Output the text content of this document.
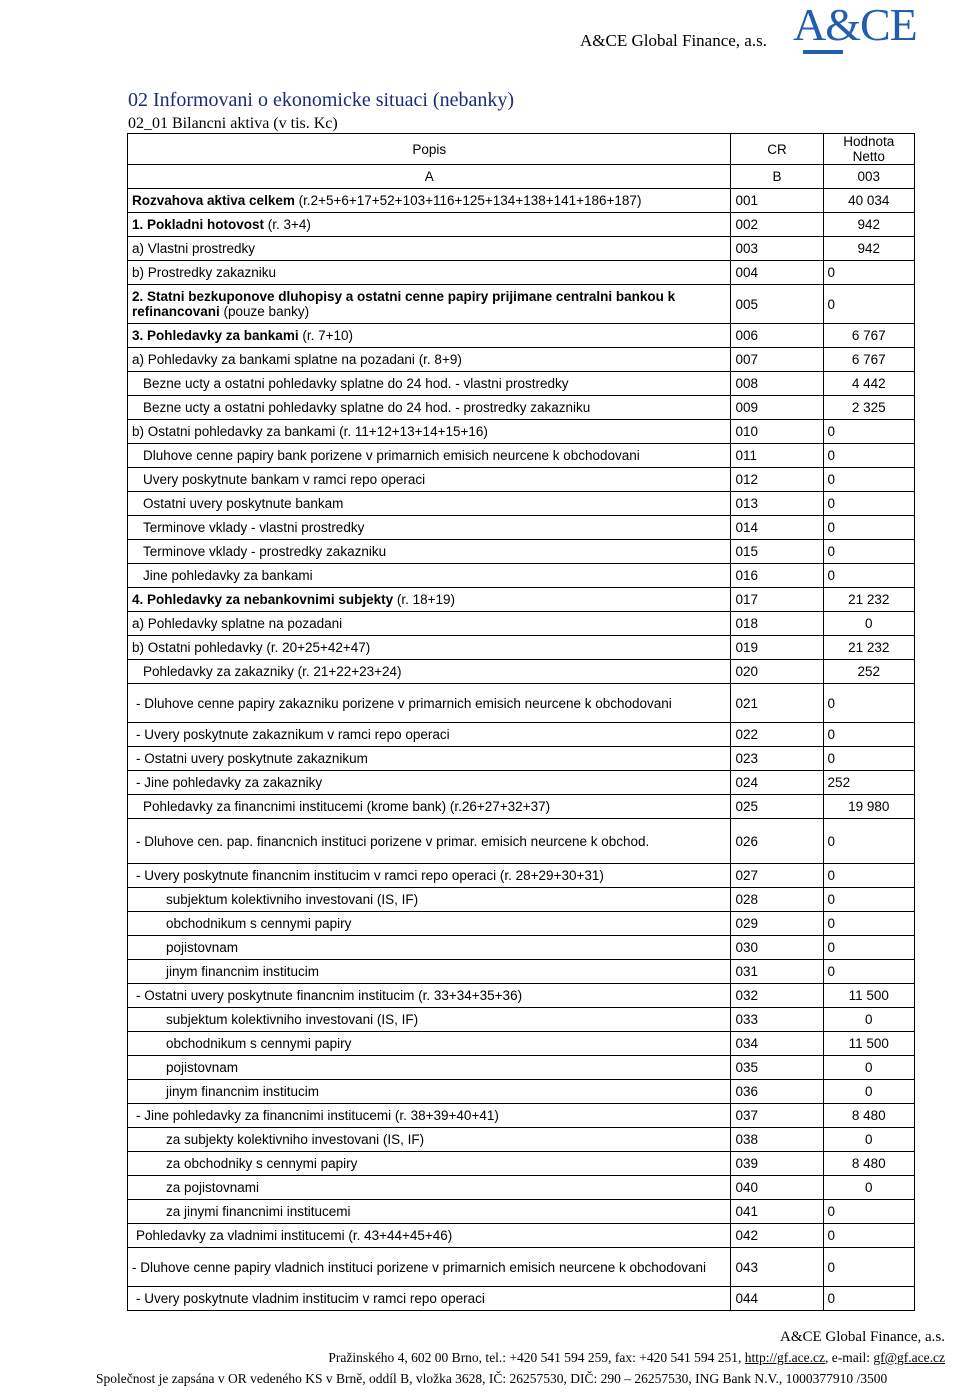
A&CE Global Finance, a.s. A&CE
02 Informovani o ekonomicke situaci (nebanky)
02_01 Bilancni aktiva (v tis. Kc)
Popis	CR	Hodnota Netto
A	B	003
Rozvahova aktiva celkem (r.2+5+6+17+52+103+116+125+134+138+141+186+187)	001	40 034
1. Pokladni hotovost (r. 3+4)	002	942
a) Vlastni prostredky	003	942
b) Prostredky zakazniku	004	0
2. Statni bezkuponove dluhopisy a ostatni cenne papiry prijimane centralni bankou k refinancovani (pouze banky)	005	0
3. Pohledavky za bankami (r. 7+10)	006	6 767
a) Pohledavky za bankami splatne na pozadani (r. 8+9)	007	6 767
Bezne ucty a ostatni pohledavky splatne do 24 hod. - vlastni prostredky	008	4 442
Bezne ucty a ostatni pohledavky splatne do 24 hod. - prostredky zakazniku	009	2 325
b) Ostatni pohledavky za bankami (r. 11+12+13+14+15+16)	010	0
Dluhove cenne papiry bank porizene v primarnich emisich neurcene k obchodovani	011	0
Uvery poskytnute bankam v ramci repo operaci	012	0
Ostatni uvery poskytnute bankam	013	0
Terminove vklady - vlastni prostredky	014	0
Terminove vklady - prostredky zakazniku	015	0
Jine pohledavky za bankami	016	0
4. Pohledavky za nebankovnimi subjekty (r. 18+19)	017	21 232
a) Pohledavky splatne na pozadani	018	0
b) Ostatni pohledavky (r. 20+25+42+47)	019	21 232
Pohledavky za zakazniky (r. 21+22+23+24)	020	252
- Dluhove cenne papiry zakazniku porizene v primarnich emisich neurcene k obchodovani	021	0
- Uvery poskytnute zakaznikum v ramci repo operaci	022	0
- Ostatni uvery poskytnute zakaznikum	023	0
- Jine pohledavky za zakazniky	024	252
Pohledavky za financnimi institucemi (krome bank) (r.26+27+32+37)	025	19 980
- Dluhove cen. pap. financnich instituci porizene v primar. emisich neurcene k obchod.	026	0
- Uvery poskytnute financnim institucim v ramci repo operaci (r. 28+29+30+31)	027	0
subjektum kolektivniho investovani (IS, IF)	028	0
obchodnikum s cennymi papiry	029	0
pojistovnam	030	0
jinym financnim institucim	031	0
- Ostatni uvery poskytnute financnim institucim (r. 33+34+35+36)	032	11 500
subjektum kolektivniho investovani (IS, IF)	033	0
obchodnikum s cennymi papiry	034	11 500
pojistovnam	035	0
jinym financnim institucim	036	0
- Jine pohledavky za financnimi institucemi (r. 38+39+40+41)	037	8 480
za subjekty kolektivniho investovani (IS, IF)	038	0
za obchodniky s cennymi papiry	039	8 480
za pojistovnami	040	0
za jinymi financnimi institucemi	041	0
Pohledavky za vladnimi institucemi (r. 43+44+45+46)	042	0
- Dluhove cenne papiry vladnich instituci porizene v primarnich emisich neurcene k obchodovani	043	0
- Uvery poskytnute vladnim institucim v ramci repo operaci	044	0
A&CE Global Finance, a.s.
Pražinského 4, 602 00 Brno, tel.: +420 541 594 259, fax: +420 541 594 251, http://gf.ace.cz, e-mail: gf@gf.ace.cz
Společnost je zapsána v OR vedeného KS v Brně, oddíl B, vložka 3628, IČ: 26257530, DIČ: 290 – 26257530, ING Bank N.V., 1000377910 /3500
